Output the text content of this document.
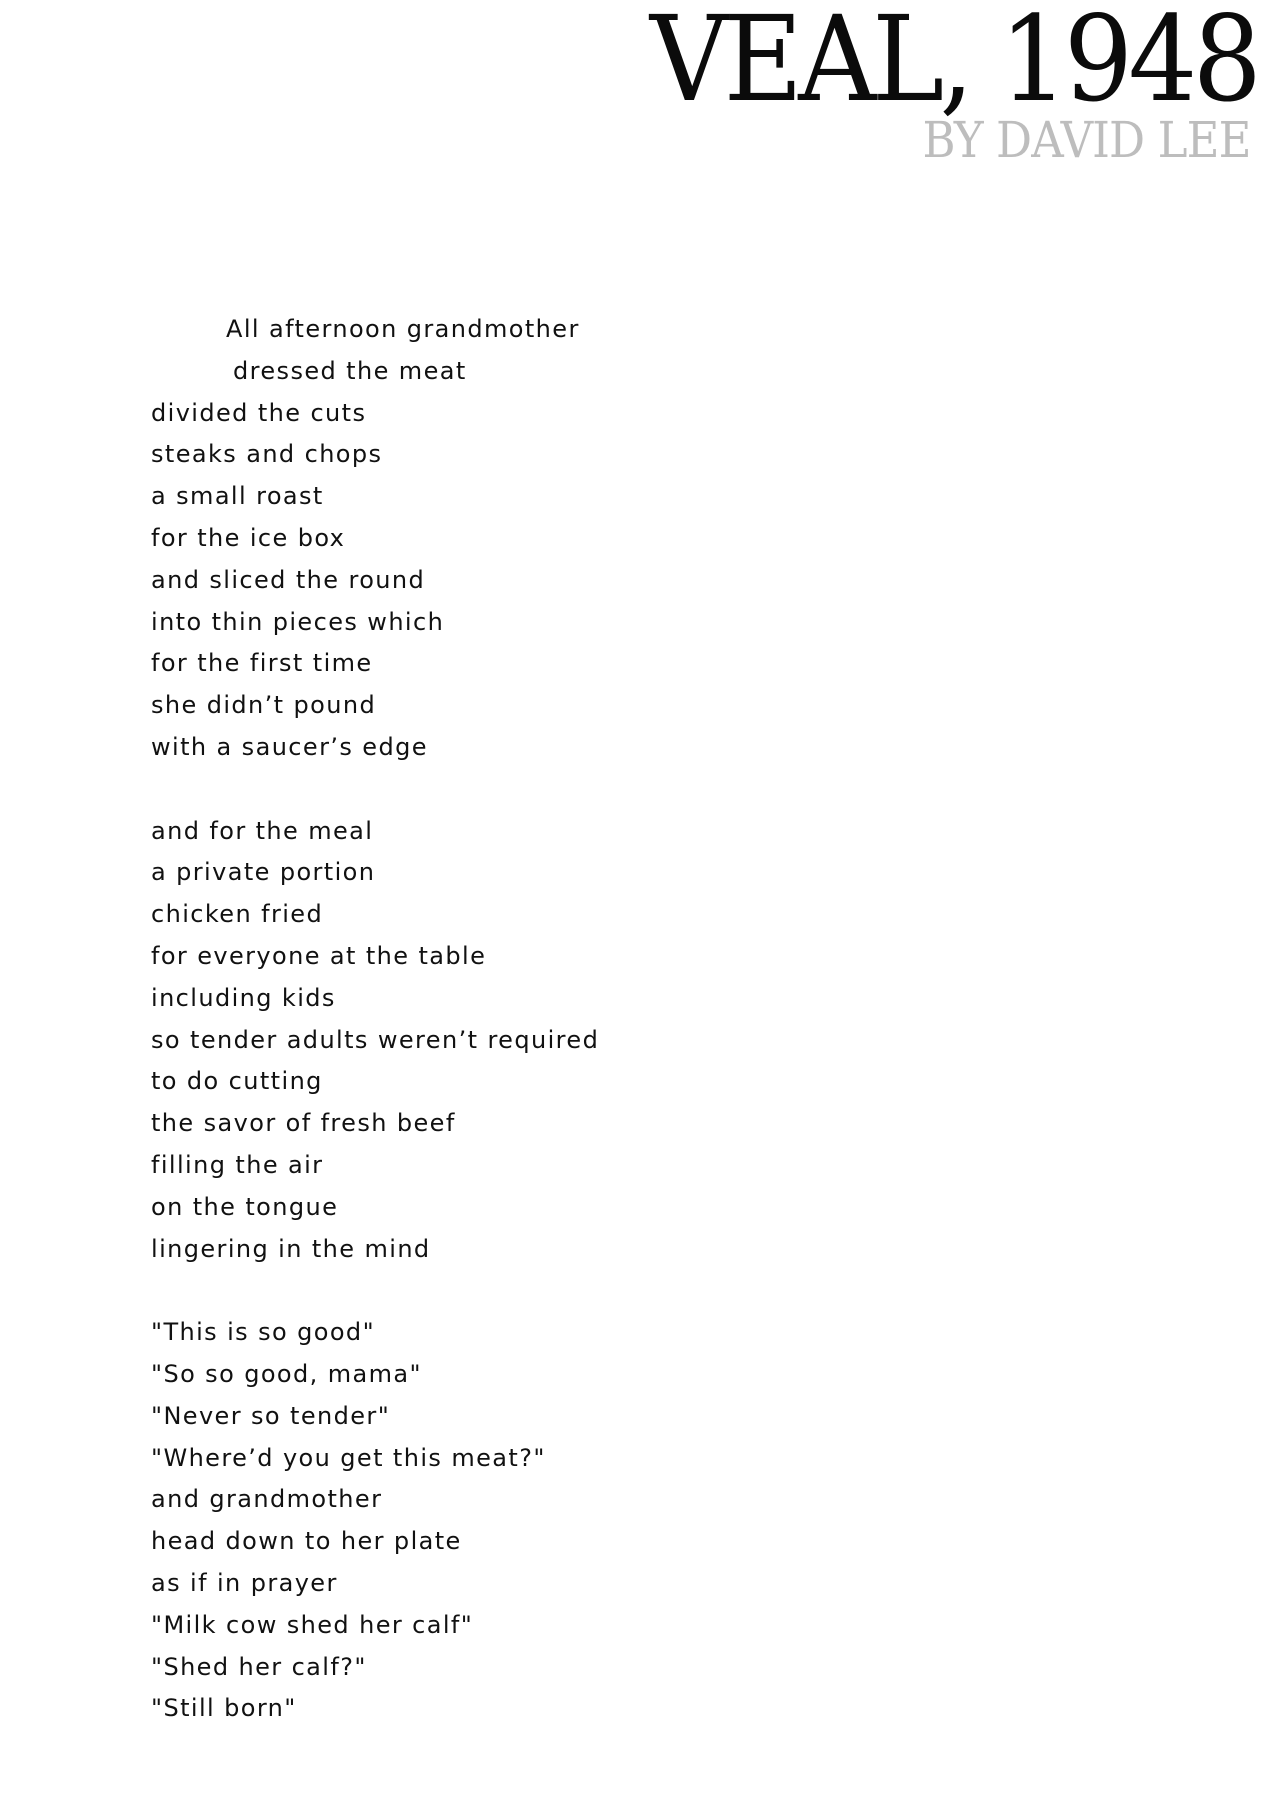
VEAL, 1948
BY DAVID LEE
All afternoon grandmother
dressed the meat
divided the cuts
steaks and chops
a small roast
for the ice box
and sliced the round
into thin pieces which
for the first time
she didn’t pound
with a saucer’s edge
and for the meal
a private portion
chicken fried
for everyone at the table
including kids
so tender adults weren’t required
to do cutting
the savor of fresh beef
filling the air
on the tongue
lingering in the mind
"This is so good"
"So so good, mama"
"Never so tender"
"Where’d you get this meat?"
and grandmother
head down to her plate
as if in prayer
"Milk cow shed her calf"
"Shed her calf?"
"Still born"
